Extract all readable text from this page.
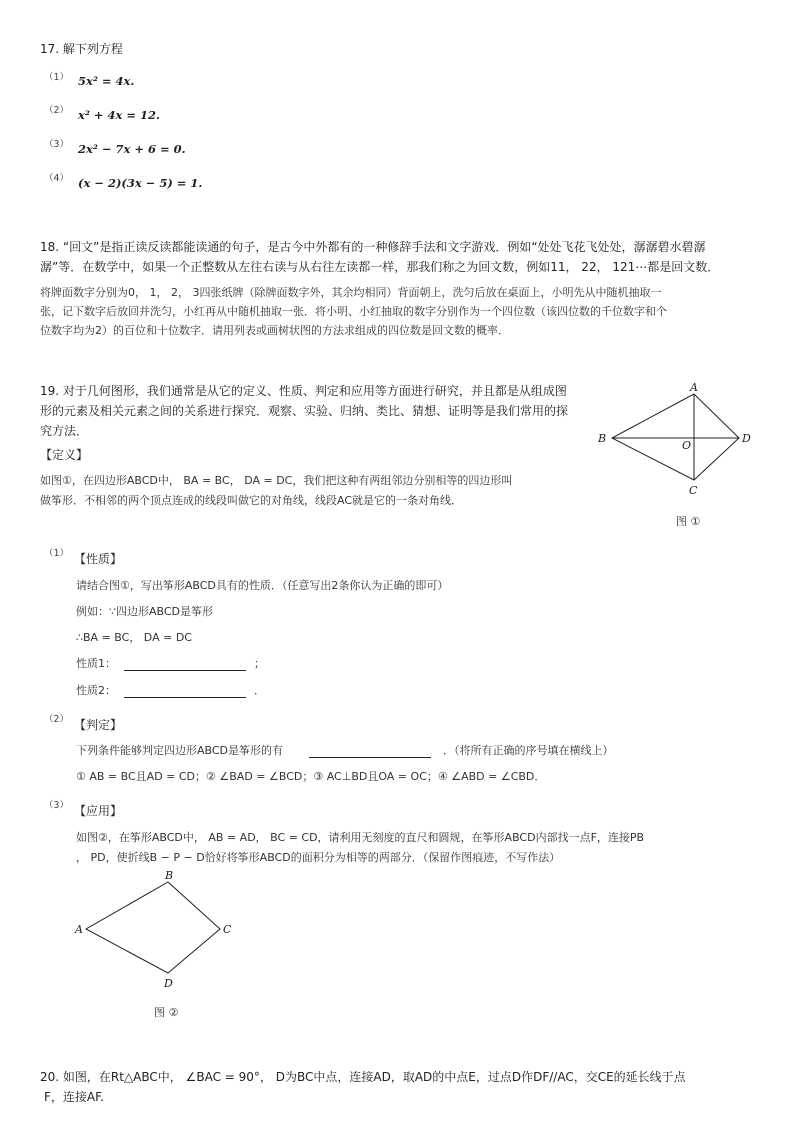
17. 解下列方程
（1） 5x² = 4x.
（2） x² + 4x = 12.
（3） 2x² − 7x + 6 = 0.
（4） (x − 2)(3x − 5) = 1.
18. “回文”是指正读反读都能读通的句子，是古今中外都有的一种修辞手法和文字游戏．例如“处处飞花飞处处，潺潺碧水碧潺
潺”等．在数学中，如果一个正整数从左往右读与从右往左读都一样，那我们称之为回文数，例如11， 22， 121⋯都是回文数．
将牌面数字分别为0， 1， 2， 3四张纸牌（除牌面数字外，其余均相同）背面朝上，洗匀后放在桌面上，小明先从中随机抽取一
张，记下数字后放回并洗匀，小红再从中随机抽取一张．将小明、小红抽取的数字分别作为一个四位数（该四位数的千位数字和个
位数字均为2）的百位和十位数字．请用列表或画树状图的方法求组成的四位数是回文数的概率．
19. 对于几何图形，我们通常是从它的定义、性质、判定和应用等方面进行研究，并且都是从组成图
形的元素及相关元素之间的关系进行探究．观察、实验、归纳、类比、猜想、证明等是我们常用的探
究方法．
【定义】
如图①，在四边形ABCD中， BA = BC， DA = DC，我们把这种有两组邻边分别相等的四边形叫
做筝形．不相邻的两个顶点连成的线段叫做它的对角线，线段AC就是它的一条对角线．
A
B
C
D
O
图 ①
（1） 【性质】
请结合图①，写出筝形ABCD具有的性质．（任意写出2条你认为正确的即可）
例如：∵四边形ABCD是筝形
∴BA = BC， DA = DC
性质1：	；
性质2：	．
（2） 【判定】
下列条件能够判定四边形ABCD是筝形的有	．（将所有正确的序号填在横线上）
① AB = BC且AD = CD；② ∠BAD = ∠BCD；③ AC⊥BD且OA = OC；④ ∠ABD = ∠CBD．
（3） 【应用】
如图②，在筝形ABCD中， AB = AD， BC = CD，请利用无刻度的直尺和圆规，在筝形ABCD内部找一点F，连接PB
， PD，使折线B − P − D恰好将筝形ABCD的面积分为相等的两部分．（保留作图痕迹，不写作法）
B
A	C
D
图 ②
20. 如图，在Rt△ABC中， ∠BAC = 90°， D为BC中点，连接AD，取AD的中点E，过点D作DF//AC，交CE的延长线于点
F，连接AF.
